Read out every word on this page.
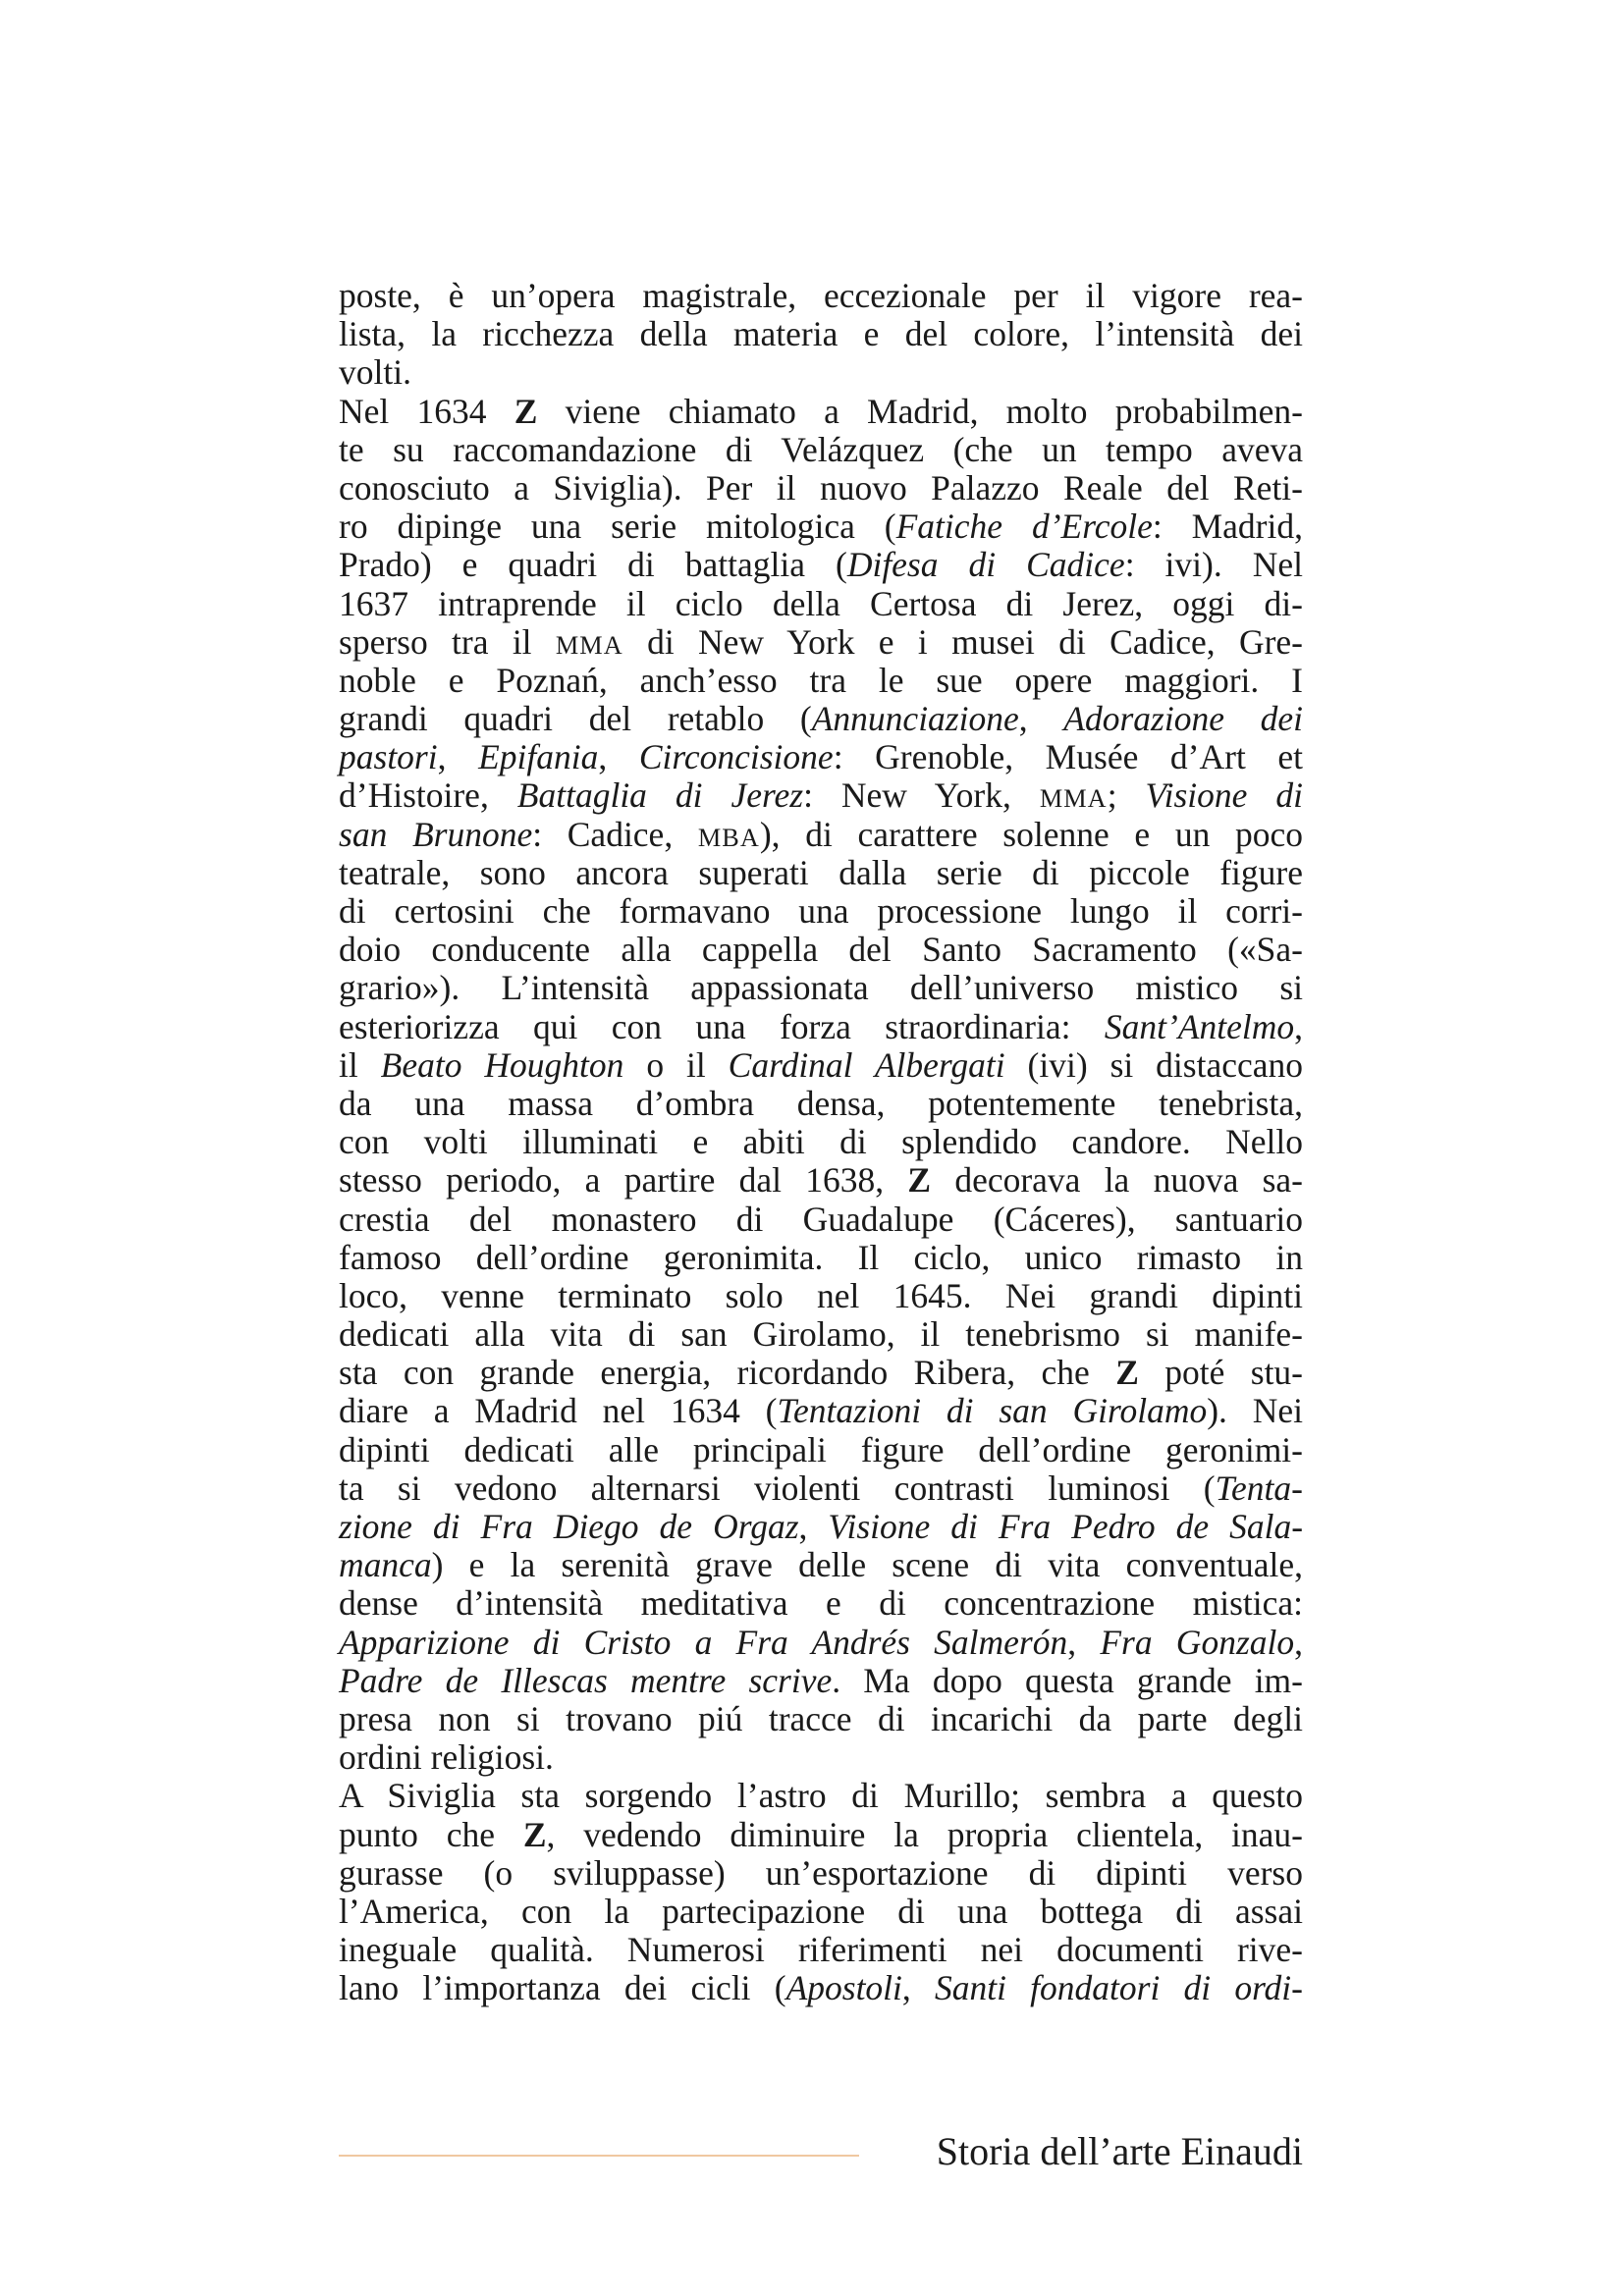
poste, è un’opera magistrale, eccezionale per il vigore rea-
lista, la ricchezza della materia e del colore, l’intensità dei
volti.
Nel 1634 Z viene chiamato a Madrid, molto probabilmen-
te su raccomandazione di Velázquez (che un tempo aveva
conosciuto a Siviglia). Per il nuovo Palazzo Reale del Reti-
ro dipinge una serie mitologica (Fatiche d’Ercole: Madrid,
Prado) e quadri di battaglia (Difesa di Cadice: ivi). Nel
1637 intraprende il ciclo della Certosa di Jerez, oggi di-
sperso tra il MMA di New York e i musei di Cadice, Gre-
noble e Poznań, anch’esso tra le sue opere maggiori. I
grandi quadri del retablo (Annunciazione, Adorazione dei
pastori, Epifania, Circoncisione: Grenoble, Musée d’Art et
d’Histoire, Battaglia di Jerez: New York, MMA; Visione di
san Brunone: Cadice, MBA), di carattere solenne e un poco
teatrale, sono ancora superati dalla serie di piccole figure
di certosini che formavano una processione lungo il corri-
doio conducente alla cappella del Santo Sacramento («Sa-
grario»). L’intensità appassionata dell’universo mistico si
esteriorizza qui con una forza straordinaria: Sant’Antelmo,
il Beato Houghton o il Cardinal Albergati (ivi) si distaccano
da una massa d’ombra densa, potentemente tenebrista,
con volti illuminati e abiti di splendido candore. Nello
stesso periodo, a partire dal 1638, Z decorava la nuova sa-
crestia del monastero di Guadalupe (Cáceres), santuario
famoso dell’ordine geronimita. Il ciclo, unico rimasto in
loco, venne terminato solo nel 1645. Nei grandi dipinti
dedicati alla vita di san Girolamo, il tenebrismo si manife-
sta con grande energia, ricordando Ribera, che Z poté stu-
diare a Madrid nel 1634 (Tentazioni di san Girolamo). Nei
dipinti dedicati alle principali figure dell’ordine geronimi-
ta si vedono alternarsi violenti contrasti luminosi (Tenta-
zione di Fra Diego de Orgaz, Visione di Fra Pedro de Sala-
manca) e la serenità grave delle scene di vita conventuale,
dense d’intensità meditativa e di concentrazione mistica:
Apparizione di Cristo a Fra Andrés Salmerón, Fra Gonzalo,
Padre de Illescas mentre scrive. Ma dopo questa grande im-
presa non si trovano piú tracce di incarichi da parte degli
ordini religiosi.
A Siviglia sta sorgendo l’astro di Murillo; sembra a questo
punto che Z, vedendo diminuire la propria clientela, inau-
gurasse (o sviluppasse) un’esportazione di dipinti verso
l’America, con la partecipazione di una bottega di assai
ineguale qualità. Numerosi riferimenti nei documenti rive-
lano l’importanza dei cicli (Apostoli, Santi fondatori di ordi-
Storia dell’arte Einaudi
